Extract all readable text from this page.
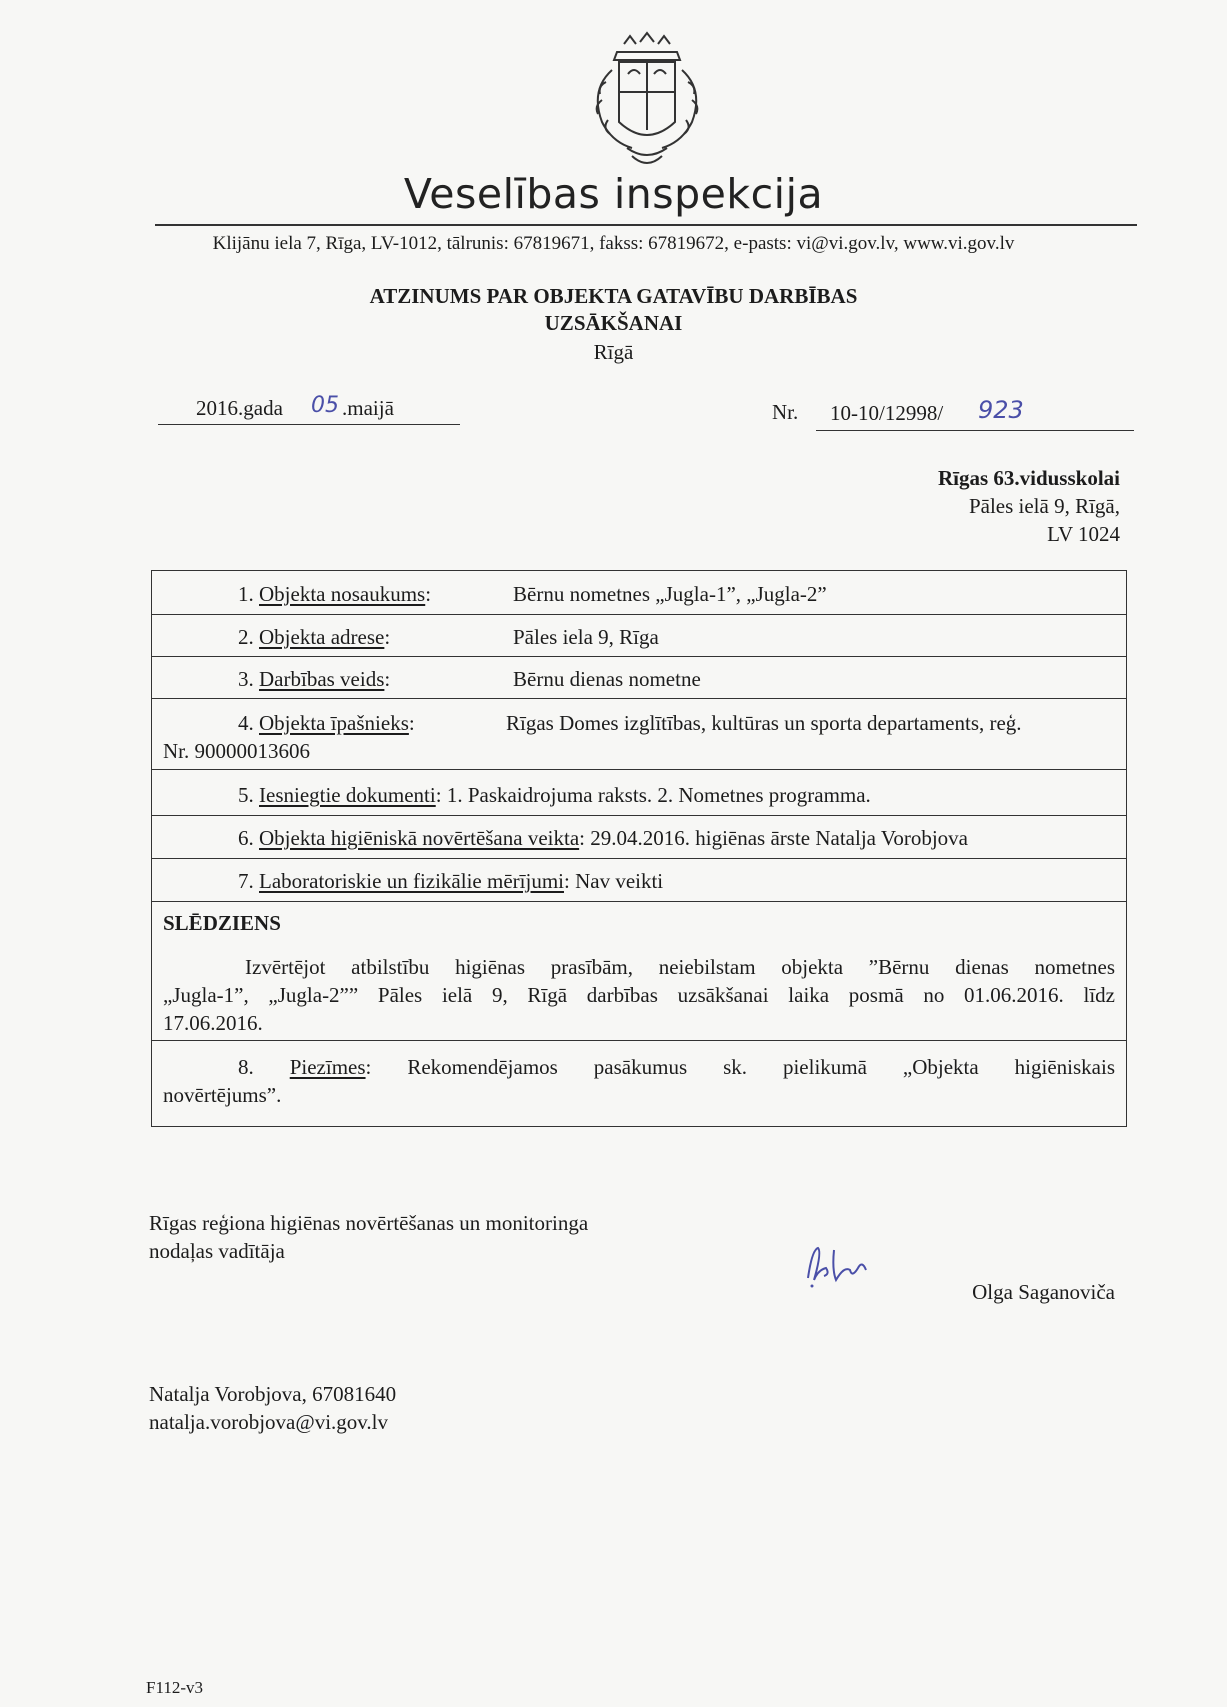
Veselības inspekcija
Klijānu iela 7, Rīga, LV-1012, tālrunis: 67819671, fakss: 67819672, e-pasts: vi@vi.gov.lv, www.vi.gov.lv
ATZINUMS PAR OBJEKTA GATAVĪBU DARBĪBAS
UZSĀKŠANAI
Rīgā
2016.gada 05 .maijā	Nr. 10-10/12998/ 923
Rīgas 63.vidusskolai
Pāles ielā 9, Rīgā,
LV 1024
1. Objekta nosaukums:	Bērnu nometnes „Jugla-1”, „Jugla-2”
2. Objekta adrese:	Pāles iela 9, Rīga
3. Darbības veids:	Bērnu dienas nometne
4. Objekta īpašnieks:	Rīgas Domes izglītības, kultūras un sporta departaments, reģ.
Nr. 90000013606
5. Iesniegtie dokumenti: 1. Paskaidrojuma raksts. 2. Nometnes programma.
6. Objekta higiēniskā novērtēšana veikta: 29.04.2016. higiēnas ārste Natalja Vorobjova
7. Laboratoriskie un fizikālie mērījumi: Nav veikti
SLĒDZIENS
Izvērtējot atbilstību higiēnas prasībām, neiebilstam objekta ”Bērnu dienas nometnes
„Jugla-1”, „Jugla-2”” Pāles ielā 9, Rīgā darbības uzsākšanai laika posmā no 01.06.2016. līdz
17.06.2016.
8. Piezīmes: Rekomendējamos pasākumus sk. pielikumā „Objekta higiēniskais
novērtējums”.
Rīgas reģiona higiēnas novērtēšanas un monitoringa
nodaļas vadītāja
Olga Saganoviča
Natalja Vorobjova, 67081640
natalja.vorobjova@vi.gov.lv
F112-v3
